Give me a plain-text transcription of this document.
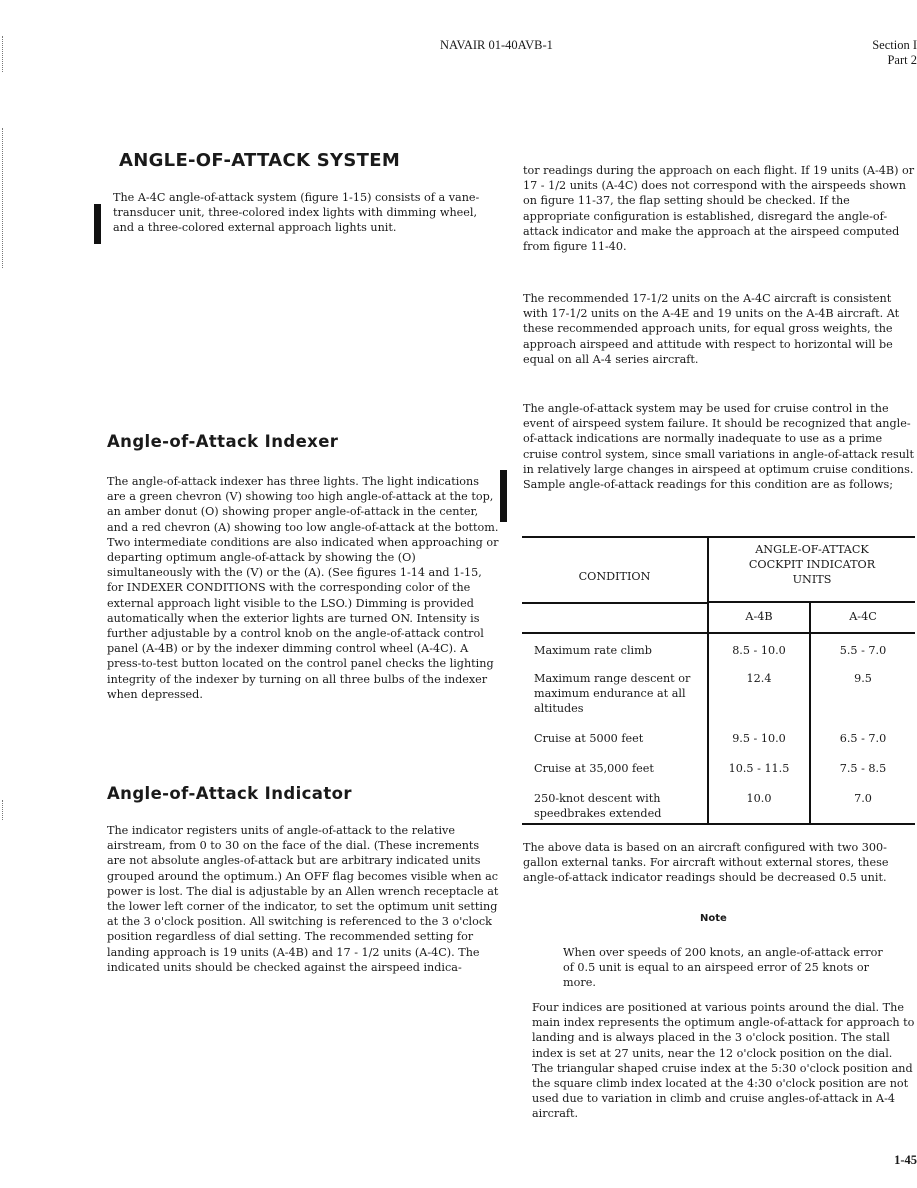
NAVAIR 01-40AVB-1	Section I
Part 2
ANGLE-OF-ATTACK SYSTEM

The A-4C angle-of-attack system (figure 1-15) consists of a vane-transducer unit, three-colored index lights with dimming wheel, and a three-colored external approach lights unit.

Angle-of-Attack Indexer

The angle-of-attack indexer has three lights. The light indications are a green chevron (V) showing too high angle-of-attack at the top, an amber donut (O) showing proper angle-of-attack in the center, and a red chevron (A) showing too low angle-of-attack at the bottom. Two intermediate conditions are also indicated when approaching or departing optimum angle-of-attack by showing the (O) simultaneously with the (V) or the (A). (See figures 1-14 and 1-15, for INDEXER CONDITIONS with the corresponding color of the external approach light visible to the LSO.) Dimming is provided automatically when the exterior lights are turned ON. Intensity is further adjustable by a control knob on the angle-of-attack control panel (A-4B) or by the indexer dimming control wheel (A-4C). A press-to-test button located on the control panel checks the lighting integrity of the indexer by turning on all three bulbs of the indexer when depressed.

Angle-of-Attack Indicator

The indicator registers units of angle-of-attack to the relative airstream, from 0 to 30 on the face of the dial. (These increments are not absolute angles-of-attack but are arbitrary indicated units grouped around the optimum.) An OFF flag becomes visible when ac power is lost. The dial is adjustable by an Allen wrench receptacle at the lower left corner of the indicator, to set the optimum unit setting at the 3 o'clock position. All switching is referenced to the 3 o'clock position regardless of dial setting. The recommended setting for landing approach is 19 units (A-4B) and 17 - 1/2 units (A-4C). The indicated units should be checked against the airspeed indica-

tor readings during the approach on each flight. If 19 units (A-4B) or 17 - 1/2 units (A-4C) does not correspond with the airspeeds shown on figure 11-37, the flap setting should be checked. If the appropriate configuration is established, disregard the angle-of-attack indicator and make the approach at the airspeed computed from figure 11-40.

The recommended 17-1/2 units on the A-4C aircraft is consistent with 17-1/2 units on the A-4E and 19 units on the A-4B aircraft. At these recommended approach units, for equal gross weights, the approach airspeed and attitude with respect to horizontal will be equal on all A-4 series aircraft.

The angle-of-attack system may be used for cruise control in the event of airspeed system failure. It should be recognized that angle-of-attack indications are normally inadequate to use as a prime cruise control system, since small variations in angle-of-attack result in relatively large changes in airspeed at optimum cruise conditions. Sample angle-of-attack readings for this condition are as follows;

CONDITION	ANGLE-OF-ATTACK COCKPIT INDICATOR UNITS	

	A-4B	A-4C
Maximum rate climb	8.5 - 10.0	5.5 - 7.0
Maximum range descent or maximum endurance at all altitudes	12.4	9.5
Cruise at 5000 feet	9.5 - 10.0	6.5 - 7.0
Cruise at 35,000 feet	10.5 - 11.5	7.5 - 8.5
250-knot descent with speedbrakes extended	10.0	7.0

The above data is based on an aircraft configured with two 300-gallon external tanks. For aircraft without external stores, these angle-of-attack indicator readings should be decreased 0.5 unit.

Note
When over speeds of 200 knots, an angle-of-attack error of 0.5 unit is equal to an airspeed error of 25 knots or more.

Four indices are positioned at various points around the dial. The main index represents the optimum angle-of-attack for approach to landing and is always placed in the 3 o'clock position. The stall index is set at 27 units, near the 12 o'clock position on the dial. The triangular shaped cruise index at the 5:30 o'clock position and the square climb index located at the 4:30 o'clock position are not used due to variation in climb and cruise angles-of-attack in A-4 aircraft.

1-45
